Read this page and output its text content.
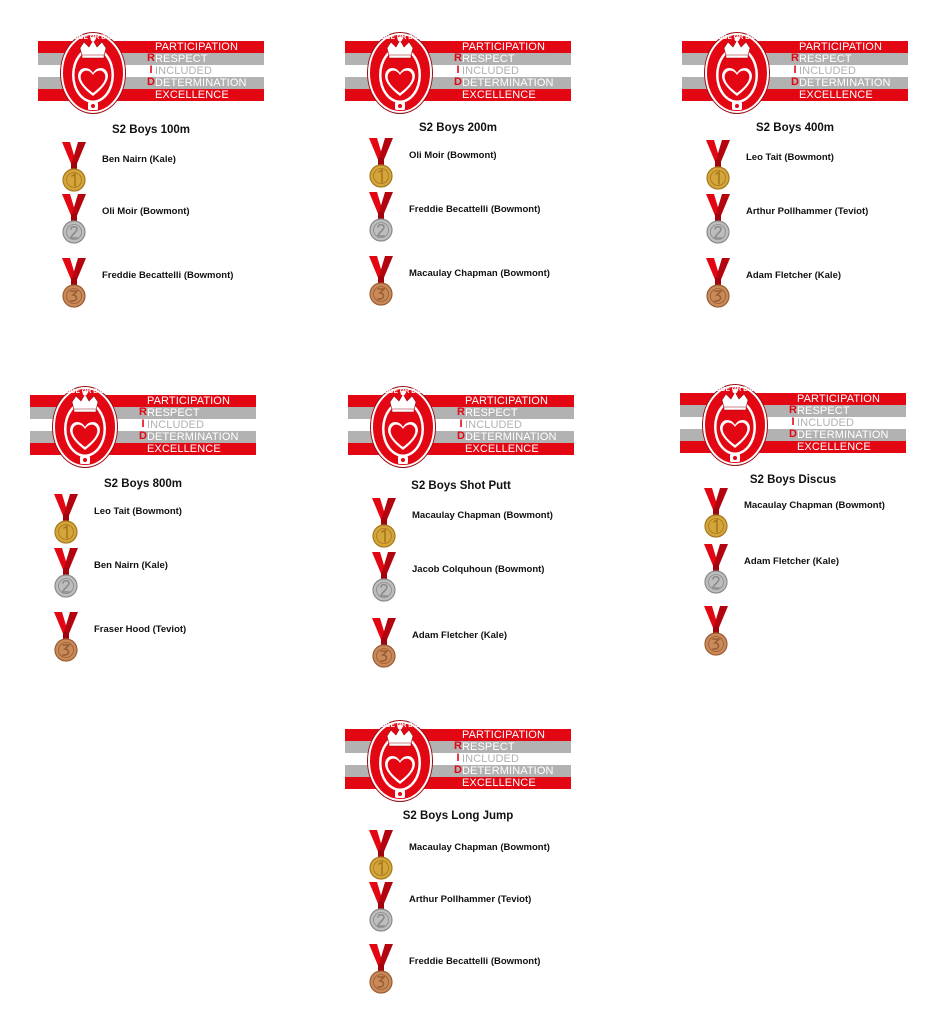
P
R
I
D
E
PARTICIPATION
RESPECT
INCLUDED
DETERMINATION
EXCELLENCE
DOE OR DIE
S2 Boys 100m
Ben Nairn (Kale)
Oli Moir (Bowmont)
Freddie Becattelli (Bowmont)
P
R
I
D
E
PARTICIPATION
RESPECT
INCLUDED
DETERMINATION
EXCELLENCE
DOE OR DIE
S2 Boys 200m
Oli Moir (Bowmont)
Freddie Becattelli (Bowmont)
Macaulay Chapman (Bowmont)
P
R
I
D
E
PARTICIPATION
RESPECT
INCLUDED
DETERMINATION
EXCELLENCE
DOE OR DIE
S2 Boys 400m
Leo Tait (Bowmont)
Arthur Pollhammer (Teviot)
Adam Fletcher (Kale)
P
R
I
D
E
PARTICIPATION
RESPECT
INCLUDED
DETERMINATION
EXCELLENCE
DOE OR DIE
S2 Boys 800m
Leo Tait (Bowmont)
Ben Nairn (Kale)
Fraser Hood (Teviot)
P
R
I
D
E
PARTICIPATION
RESPECT
INCLUDED
DETERMINATION
EXCELLENCE
DOE OR DIE
S2 Boys Shot Putt
Macaulay Chapman (Bowmont)
Jacob Colquhoun (Bowmont)
Adam Fletcher (Kale)
P
R
I
D
E
PARTICIPATION
RESPECT
INCLUDED
DETERMINATION
EXCELLENCE
DOE OR DIE
S2 Boys Discus
Macaulay Chapman (Bowmont)
Adam Fletcher (Kale)
P
R
I
D
E
PARTICIPATION
RESPECT
INCLUDED
DETERMINATION
EXCELLENCE
DOE OR DIE
S2 Boys Long Jump
Macaulay Chapman (Bowmont)
Arthur Pollhammer (Teviot)
Freddie Becattelli (Bowmont)
